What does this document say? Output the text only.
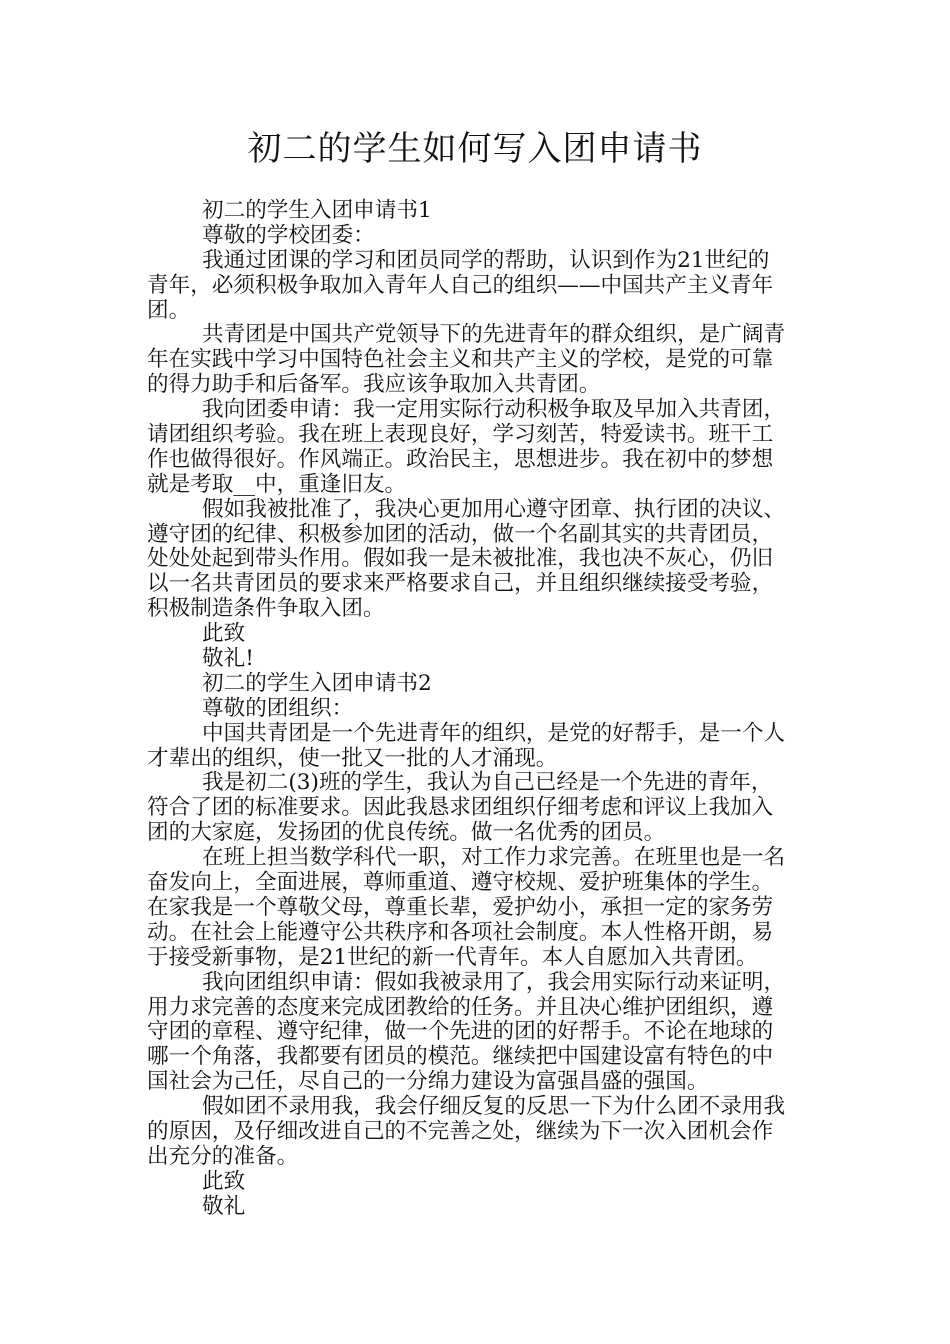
初二的学生如何写入团申请书
初二的学生入团申请书1
尊敬的学校团委：
我通过团课的学习和团员同学的帮助，认识到作为21世纪的
青年，必须积极争取加入青年人自己的组织——中国共产主义青年
团。
共青团是中国共产党领导下的先进青年的群众组织，是广阔青
年在实践中学习中国特色社会主义和共产主义的学校，是党的可靠
的得力助手和后备军。我应该争取加入共青团。
我向团委申请：我一定用实际行动积极争取及早加入共青团，
请团组织考验。我在班上表现良好，学习刻苦，特爱读书。班干工
作也做得很好。作风端正。政治民主，思想进步。我在初中的梦想
就是考取__中，重逢旧友。
假如我被批准了，我决心更加用心遵守团章、执行团的决议、
遵守团的纪律、积极参加团的活动，做一个名副其实的共青团员，
处处处起到带头作用。假如我一是未被批准，我也决不灰心，仍旧
以一名共青团员的要求来严格要求自己，并且组织继续接受考验，
积极制造条件争取入团。
此致
敬礼!
初二的学生入团申请书2
尊敬的团组织：
中国共青团是一个先进青年的组织，是党的好帮手，是一个人
才辈出的组织，使一批又一批的人才涌现。
我是初二(3)班的学生，我认为自己已经是一个先进的青年，
符合了团的标准要求。因此我恳求团组织仔细考虑和评议上我加入
团的大家庭，发扬团的优良传统。做一名优秀的团员。
在班上担当数学科代一职，对工作力求完善。在班里也是一名
奋发向上，全面进展，尊师重道、遵守校规、爱护班集体的学生。
在家我是一个尊敬父母，尊重长辈，爱护幼小，承担一定的家务劳
动。在社会上能遵守公共秩序和各项社会制度。本人性格开朗，易
于接受新事物，是21世纪的新一代青年。本人自愿加入共青团。
我向团组织申请：假如我被录用了，我会用实际行动来证明，
用力求完善的态度来完成团教给的任务。并且决心维护团组织，遵
守团的章程、遵守纪律，做一个先进的团的好帮手。不论在地球的
哪一个角落，我都要有团员的模范。继续把中国建设富有特色的中
国社会为己任，尽自己的一分绵力建设为富强昌盛的强国。
假如团不录用我，我会仔细反复的反思一下为什么团不录用我
的原因，及仔细改进自己的不完善之处，继续为下一次入团机会作
出充分的准备。
此致
敬礼
